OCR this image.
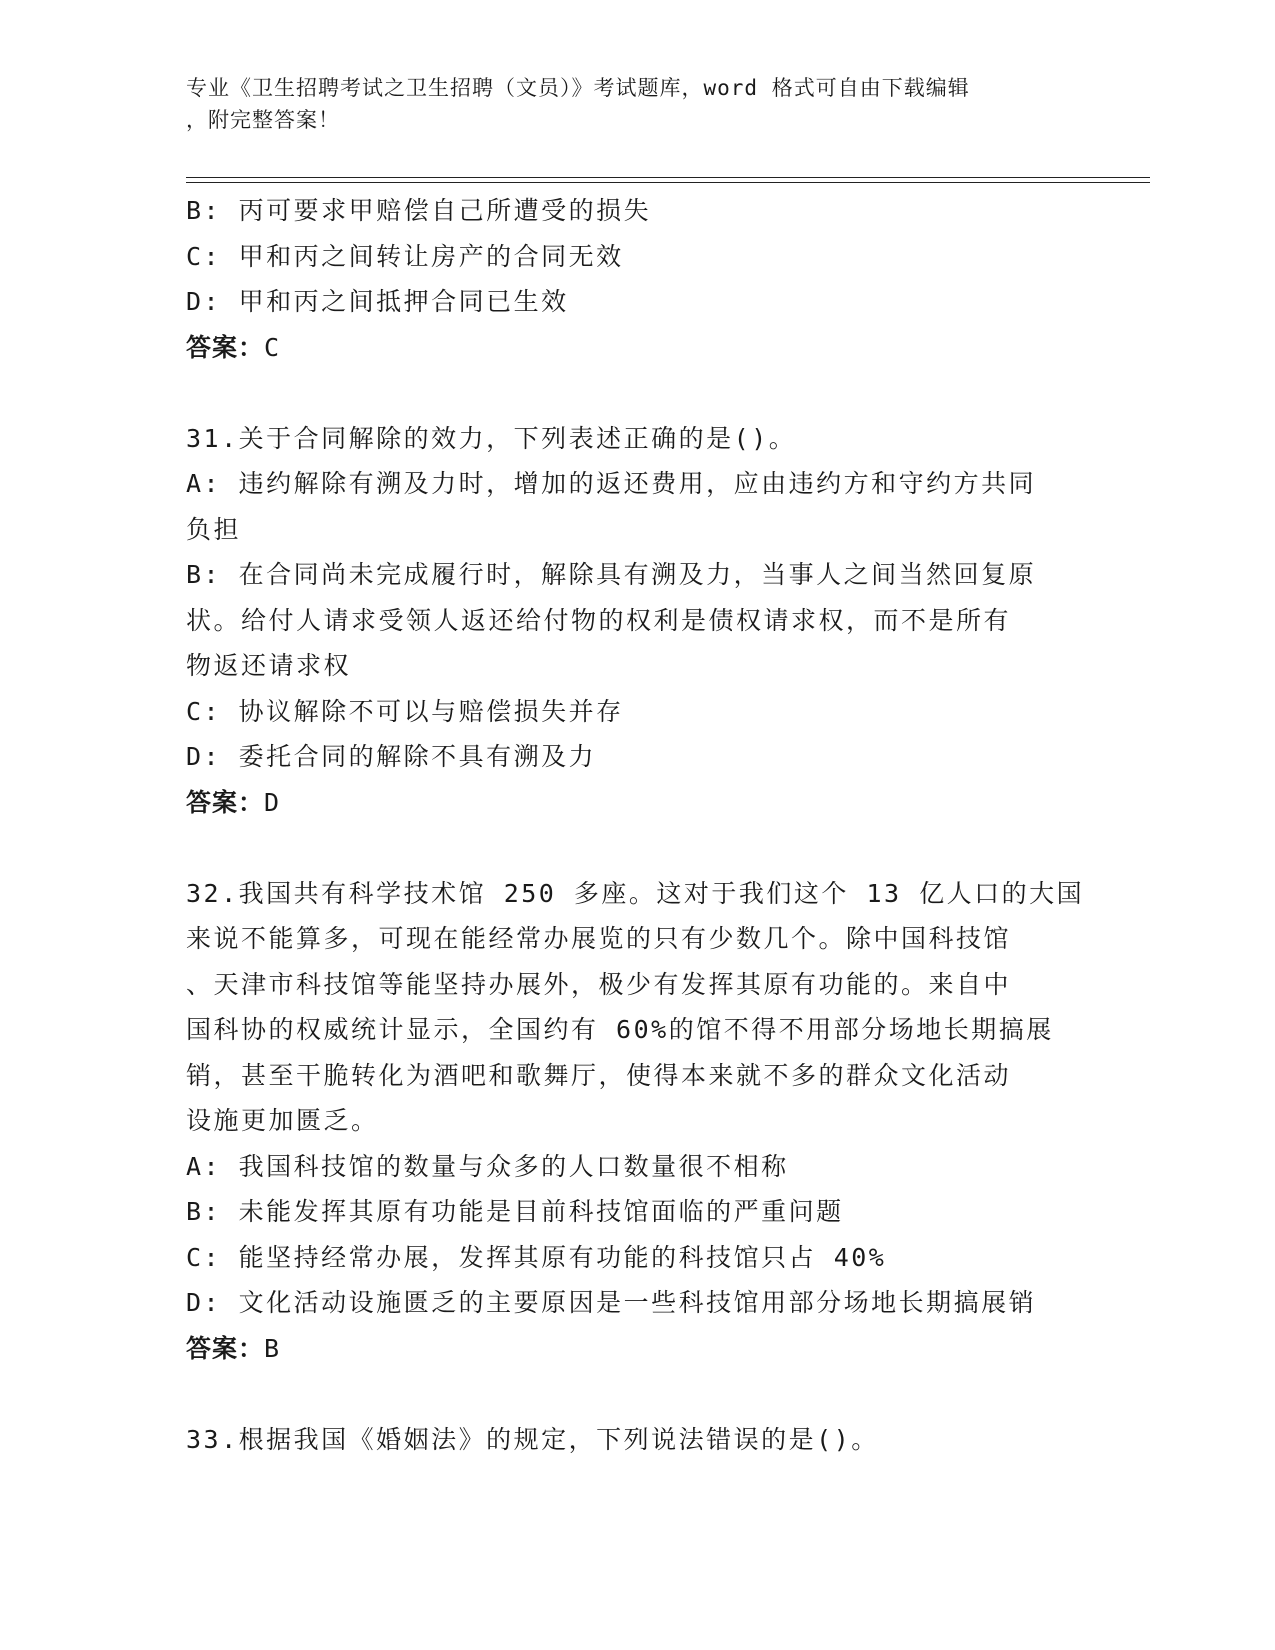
专业《卫生招聘考试之卫生招聘（文员）》考试题库，word 格式可自由下载编辑
，附完整答案！
B: 丙可要求甲赔偿自己所遭受的损失
C: 甲和丙之间转让房产的合同无效
D: 甲和丙之间抵押合同已生效
答案：C
31.关于合同解除的效力，下列表述正确的是()。
A: 违约解除有溯及力时，增加的返还费用，应由违约方和守约方共同
负担
B: 在合同尚未完成履行时，解除具有溯及力，当事人之间当然回复原
状。给付人请求受领人返还给付物的权利是债权请求权，而不是所有
物返还请求权
C: 协议解除不可以与赔偿损失并存
D: 委托合同的解除不具有溯及力
答案：D
32.我国共有科学技术馆 250 多座。这对于我们这个 13 亿人口的大国
来说不能算多，可现在能经常办展览的只有少数几个。除中国科技馆
、天津市科技馆等能坚持办展外，极少有发挥其原有功能的。来自中
国科协的权威统计显示，全国约有 60%的馆不得不用部分场地长期搞展
销，甚至干脆转化为酒吧和歌舞厅，使得本来就不多的群众文化活动
设施更加匮乏。
A: 我国科技馆的数量与众多的人口数量很不相称
B: 未能发挥其原有功能是目前科技馆面临的严重问题
C: 能坚持经常办展，发挥其原有功能的科技馆只占 40%
D: 文化活动设施匮乏的主要原因是一些科技馆用部分场地长期搞展销
答案：B
33.根据我国《婚姻法》的规定，下列说法错误的是()。
